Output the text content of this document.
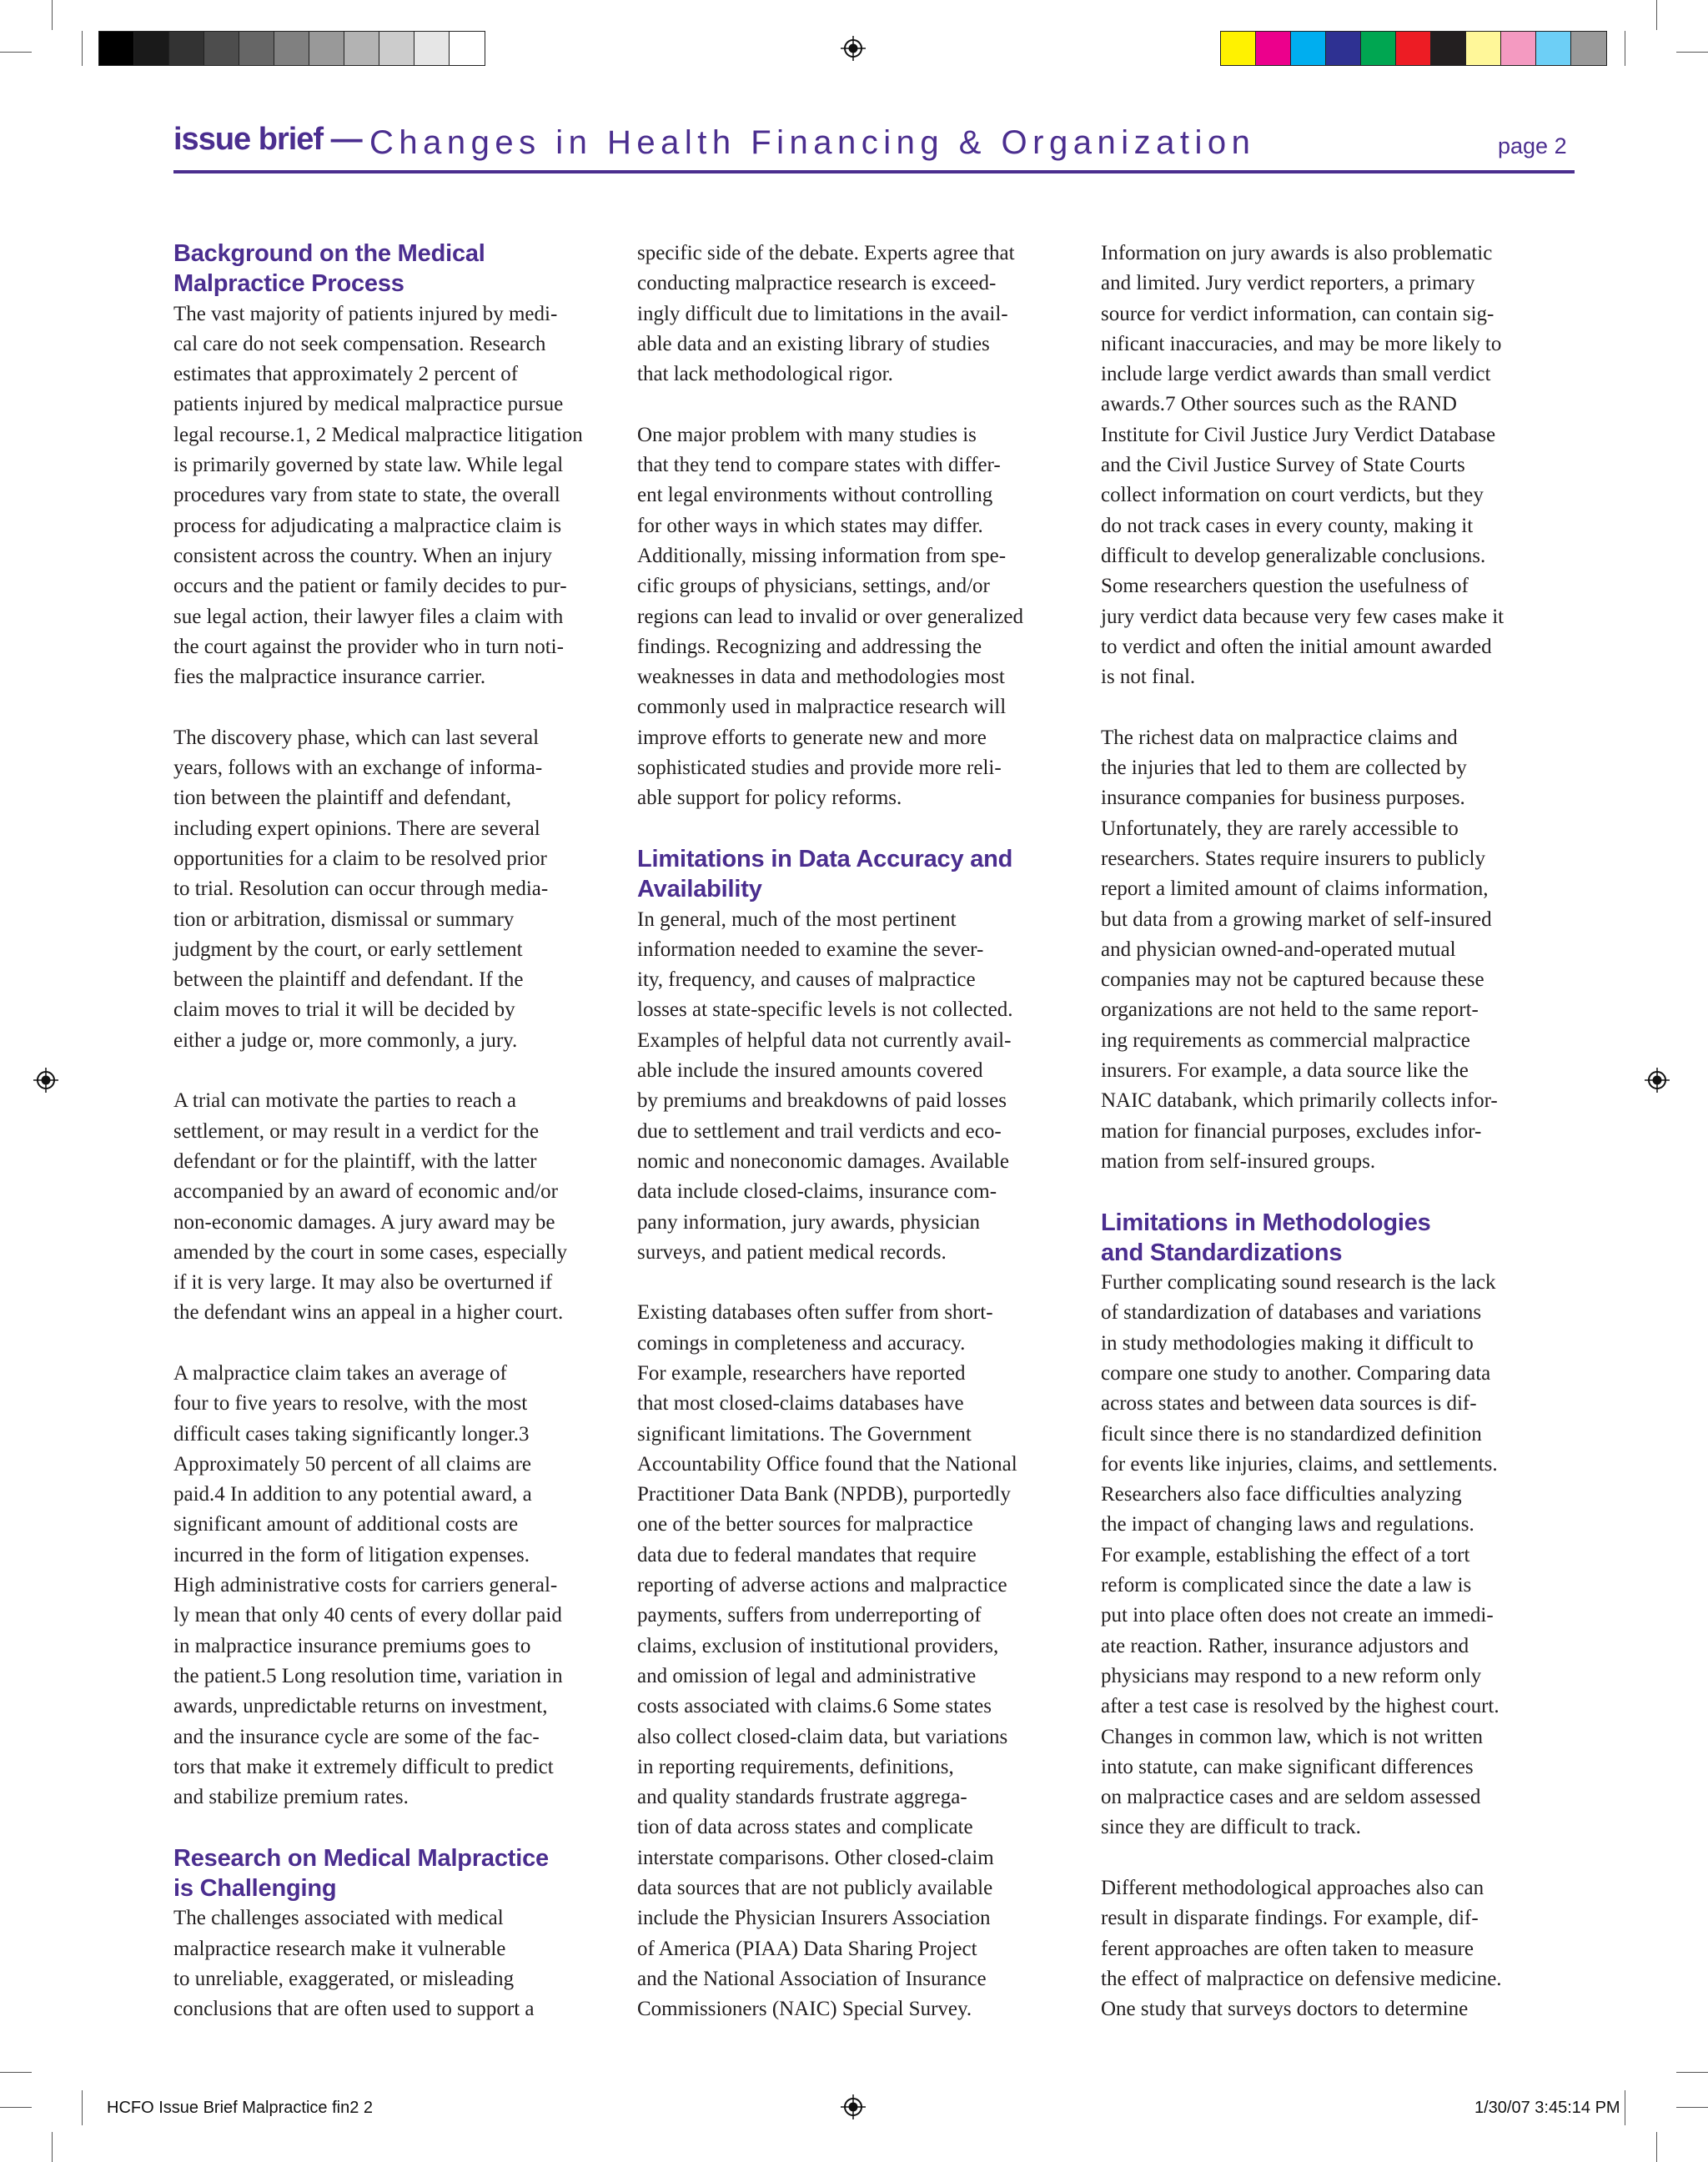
issue brief — Changes in Health Financing & Organization	page 2
Background on the Medical
Malpractice Process

The vast majority of patients injured by medi-
cal care do not seek compensation. Research
estimates that approximately 2 percent of
patients injured by medical malpractice pursue
legal recourse.1, 2 Medical malpractice litigation
is primarily governed by state law. While legal
procedures vary from state to state, the overall
process for adjudicating a malpractice claim is
consistent across the country. When an injury
occurs and the patient or family decides to pur-
sue legal action, their lawyer files a claim with
the court against the provider who in turn noti-
fies the malpractice insurance carrier.

The discovery phase, which can last several
years, follows with an exchange of informa-
tion between the plaintiff and defendant,
including expert opinions. There are several
opportunities for a claim to be resolved prior
to trial. Resolution can occur through media-
tion or arbitration, dismissal or summary
judgment by the court, or early settlement
between the plaintiff and defendant. If the
claim moves to trial it will be decided by
either a judge or, more commonly, a jury.

A trial can motivate the parties to reach a
settlement, or may result in a verdict for the
defendant or for the plaintiff, with the latter
accompanied by an award of economic and/or
non-economic damages. A jury award may be
amended by the court in some cases, especially
if it is very large. It may also be overturned if
the defendant wins an appeal in a higher court.

A malpractice claim takes an average of
four to five years to resolve, with the most
difficult cases taking significantly longer.3
Approximately 50 percent of all claims are
paid.4 In addition to any potential award, a
significant amount of additional costs are
incurred in the form of litigation expenses.
High administrative costs for carriers general-
ly mean that only 40 cents of every dollar paid
in malpractice insurance premiums goes to
the patient.5 Long resolution time, variation in
awards, unpredictable returns on investment,
and the insurance cycle are some of the fac-
tors that make it extremely difficult to predict
and stabilize premium rates.

Research on Medical Malpractice
is Challenging

The challenges associated with medical
malpractice research make it vulnerable
to unreliable, exaggerated, or misleading
conclusions that are often used to support a

specific side of the debate. Experts agree that
conducting malpractice research is exceed-
ingly difficult due to limitations in the avail-
able data and an existing library of studies
that lack methodological rigor.

One major problem with many studies is
that they tend to compare states with differ-
ent legal environments without controlling
for other ways in which states may differ.
Additionally, missing information from spe-
cific groups of physicians, settings, and/or
regions can lead to invalid or over generalized
findings. Recognizing and addressing the
weaknesses in data and methodologies most
commonly used in malpractice research will
improve efforts to generate new and more
sophisticated studies and provide more reli-
able support for policy reforms.

Limitations in Data Accuracy and
Availability

In general, much of the most pertinent
information needed to examine the sever-
ity, frequency, and causes of malpractice
losses at state-specific levels is not collected.
Examples of helpful data not currently avail-
able include the insured amounts covered
by premiums and breakdowns of paid losses
due to settlement and trail verdicts and eco-
nomic and noneconomic damages. Available
data include closed-claims, insurance com-
pany information, jury awards, physician
surveys, and patient medical records.

Existing databases often suffer from short-
comings in completeness and accuracy.
For example, researchers have reported
that most closed-claims databases have
significant limitations. The Government
Accountability Office found that the National
Practitioner Data Bank (NPDB), purportedly
one of the better sources for malpractice
data due to federal mandates that require
reporting of adverse actions and malpractice
payments, suffers from underreporting of
claims, exclusion of institutional providers,
and omission of legal and administrative
costs associated with claims.6 Some states
also collect closed-claim data, but variations
in reporting requirements, definitions,
and quality standards frustrate aggrega-
tion of data across states and complicate
interstate comparisons. Other closed-claim
data sources that are not publicly available
include the Physician Insurers Association
of America (PIAA) Data Sharing Project
and the National Association of Insurance
Commissioners (NAIC) Special Survey.

Information on jury awards is also problematic
and limited. Jury verdict reporters, a primary
source for verdict information, can contain sig-
nificant inaccuracies, and may be more likely to
include large verdict awards than small verdict
awards.7 Other sources such as the RAND
Institute for Civil Justice Jury Verdict Database
and the Civil Justice Survey of State Courts
collect information on court verdicts, but they
do not track cases in every county, making it
difficult to develop generalizable conclusions.
Some researchers question the usefulness of
jury verdict data because very few cases make it
to verdict and often the initial amount awarded
is not final.

The richest data on malpractice claims and
the injuries that led to them are collected by
insurance companies for business purposes.
Unfortunately, they are rarely accessible to
researchers. States require insurers to publicly
report a limited amount of claims information,
but data from a growing market of self-insured
and physician owned-and-operated mutual
companies may not be captured because these
organizations are not held to the same report-
ing requirements as commercial malpractice
insurers. For example, a data source like the
NAIC databank, which primarily collects infor-
mation for financial purposes, excludes infor-
mation from self-insured groups.

Limitations in Methodologies
and Standardizations

Further complicating sound research is the lack
of standardization of databases and variations
in study methodologies making it difficult to
compare one study to another. Comparing data
across states and between data sources is dif-
ficult since there is no standardized definition
for events like injuries, claims, and settlements.
Researchers also face difficulties analyzing
the impact of changing laws and regulations.
For example, establishing the effect of a tort
reform is complicated since the date a law is
put into place often does not create an immedi-
ate reaction. Rather, insurance adjustors and
physicians may respond to a new reform only
after a test case is resolved by the highest court.
Changes in common law, which is not written
into statute, can make significant differences
on malpractice cases and are seldom assessed
since they are difficult to track.

Different methodological approaches also can
result in disparate findings. For example, dif-
ferent approaches are often taken to measure
the effect of malpractice on defensive medicine.
One study that surveys doctors to determine

HCFO Issue Brief Malpractice fin2 2	1/30/07 3:45:14 PM
